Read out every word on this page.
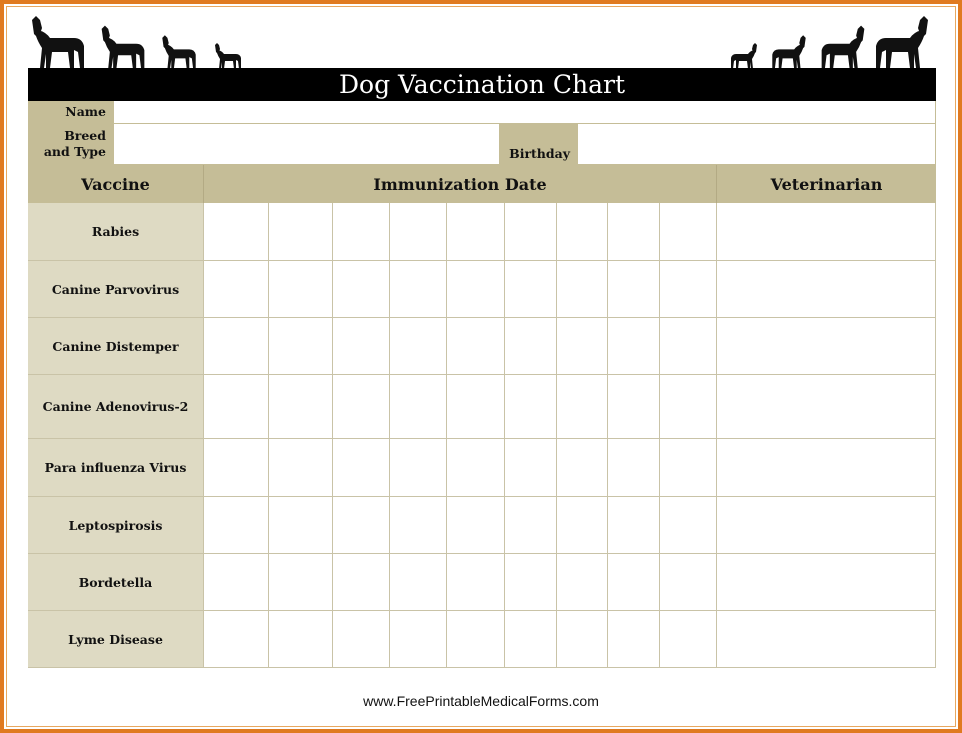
Dog Vaccination Chart
Name
Breed
and Type	Birthday
Vaccine	Immunization Date	Veterinarian
Rabies
Canine Parvovirus
Canine Distemper
Canine Adenovirus-2
Para influenza Virus
Leptospirosis
Bordetella
Lyme Disease
www.FreePrintableMedicalForms.com
